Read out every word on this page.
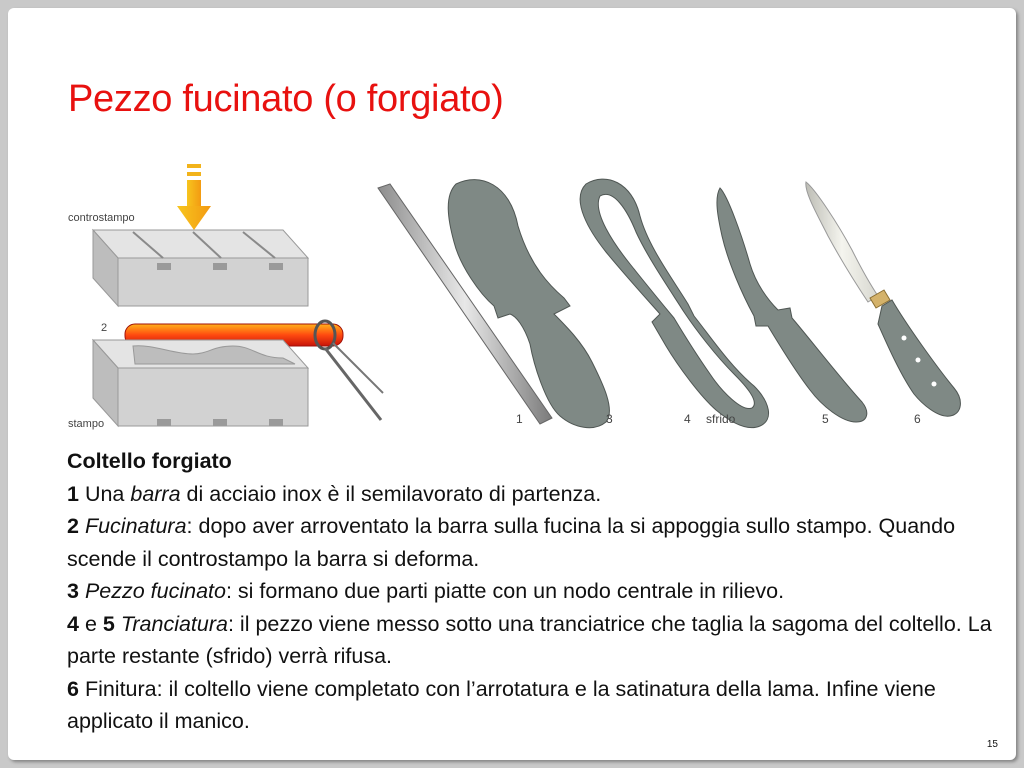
Pezzo fucinato (o forgiato)
controstampo
2
stampo	1	3	4 sfrido	5	6

Coltello forgiato

1 Una barra di acciaio inox è il semilavorato di partenza.

2 Fucinatura: dopo aver arroventato la barra sulla fucina la si appoggia sullo stampo. Quando scende il controstampo la barra si deforma.

3 Pezzo fucinato: si formano due parti piatte con un nodo centrale in rilievo.

4 e 5 Tranciatura: il pezzo viene messo sotto una tranciatrice che taglia la sagoma del coltello. La parte restante (sfrido) verrà rifusa.

6 Finitura: il coltello viene completato con l’arrotatura e la satinatura della lama. Infine viene applicato il manico.

15
